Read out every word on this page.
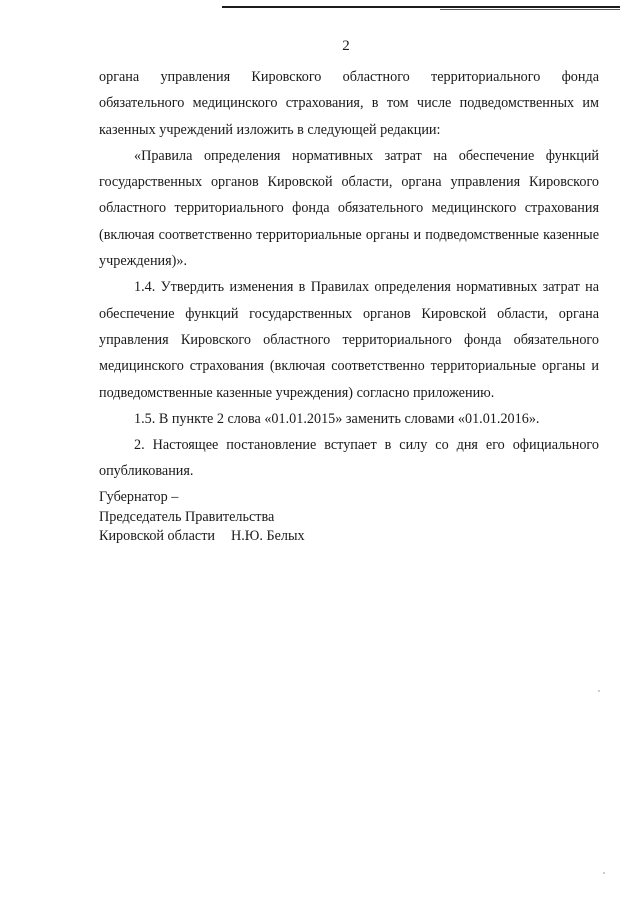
2

органа управления Кировского областного территориального фонда обязательного медицинского страхования, в том числе подведомственных им казенных учреждений изложить в следующей редакции:

«Правила определения нормативных затрат на обеспечение функций государственных органов Кировской области, органа управления Кировского областного территориального фонда обязательного медицинского страхования (включая соответственно территориальные органы и подведомственные казенные учреждения)».

1.4. Утвердить изменения в Правилах определения нормативных затрат на обеспечение функций государственных органов Кировской области, органа управления Кировского областного территориального фонда обязательного медицинского страхования (включая соответственно территориальные органы и подведомственные казенные учреждения) согласно приложению.

1.5. В пункте 2 слова «01.01.2015» заменить словами «01.01.2016».

2. Настоящее постановление вступает в силу со дня его официального опубликования.

Губернатор –
Председатель Правительства
Кировской области Н.Ю. Белых
